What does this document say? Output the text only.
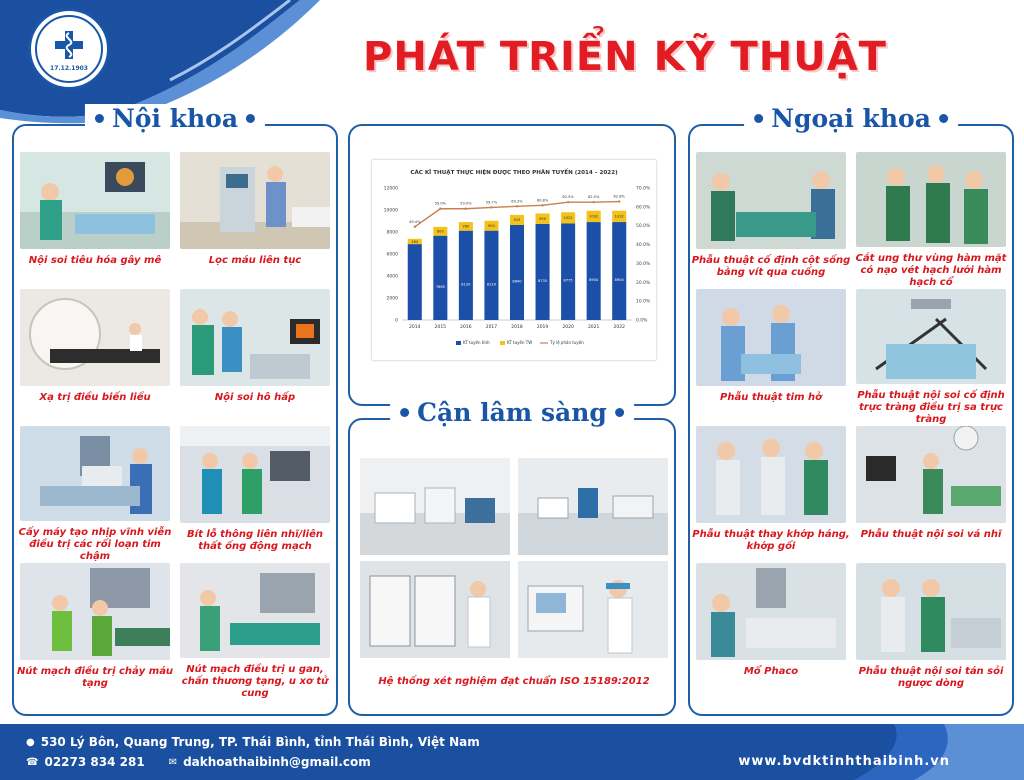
17.12.1903	PHÁT TRIỂN KỸ THUẬT
Nội khoa
Nội soi tiêu hóa gây mê	Lọc máu liên tục
Xạ trị điều biến liều	Nội soi hô hấp
Cấy máy tạo nhịp vĩnh viễn điều trị các rối loạn tim chậm
Bít lỗ thông liên nhĩ/liên thất ống động mạch
Nút mạch điều trị chảy máu tạng
Nút mạch điều trị u gan, chấn thương tạng, u xơ tử cung
CÁC KĨ THUẬT THỰC HIỆN ĐƯỢC THEO PHÂN TUYẾN (2014 – 2022)
0
2000
4000
6000
8000
10000
12000
0.0%
10.0%
20.0%
30.0%
40.0%
50.0%
60.0%
70.0%
480
2014
7665
800
2015
8120
780
2016
8120
900
2017
8640
915
2018
8735
950
2019
8775
1022
2020
8904
1032
2021
8904
1032
2022
49.4%
59.0%	59.0%	59.7%	60.3%	60.8%
62.5%	62.5%	62.8%
KT tuyến tỉnh	KT tuyến TW	Tỷ lệ phân tuyến
Cận lâm sàng
Hệ thống xét nghiệm đạt chuẩn ISO 15189:2012
Ngoại khoa
Phẫu thuật cố định cột sống bằng vít qua cuống
Cắt ung thư vùng hàm mặt có nạo vét hạch lưới hàm hạch cổ
Phẫu thuật tim hở	Phẫu thuật nội soi cố định trực tràng điều trị sa trực tràng
Phẫu thuật thay khớp háng, khớp gối
Phẫu thuật nội soi vá nhĩ
Mổ Phaco	Phẫu thuật nội soi tán sỏi ngược dòng
● 530 Lý Bôn, Quang Trung, TP. Thái Bình, tỉnh Thái Bình, Việt Nam
☎ 02273 834 281 ✉ dakhoathaibinh@gmail.com	www.bvdktinhthaibinh.vn
